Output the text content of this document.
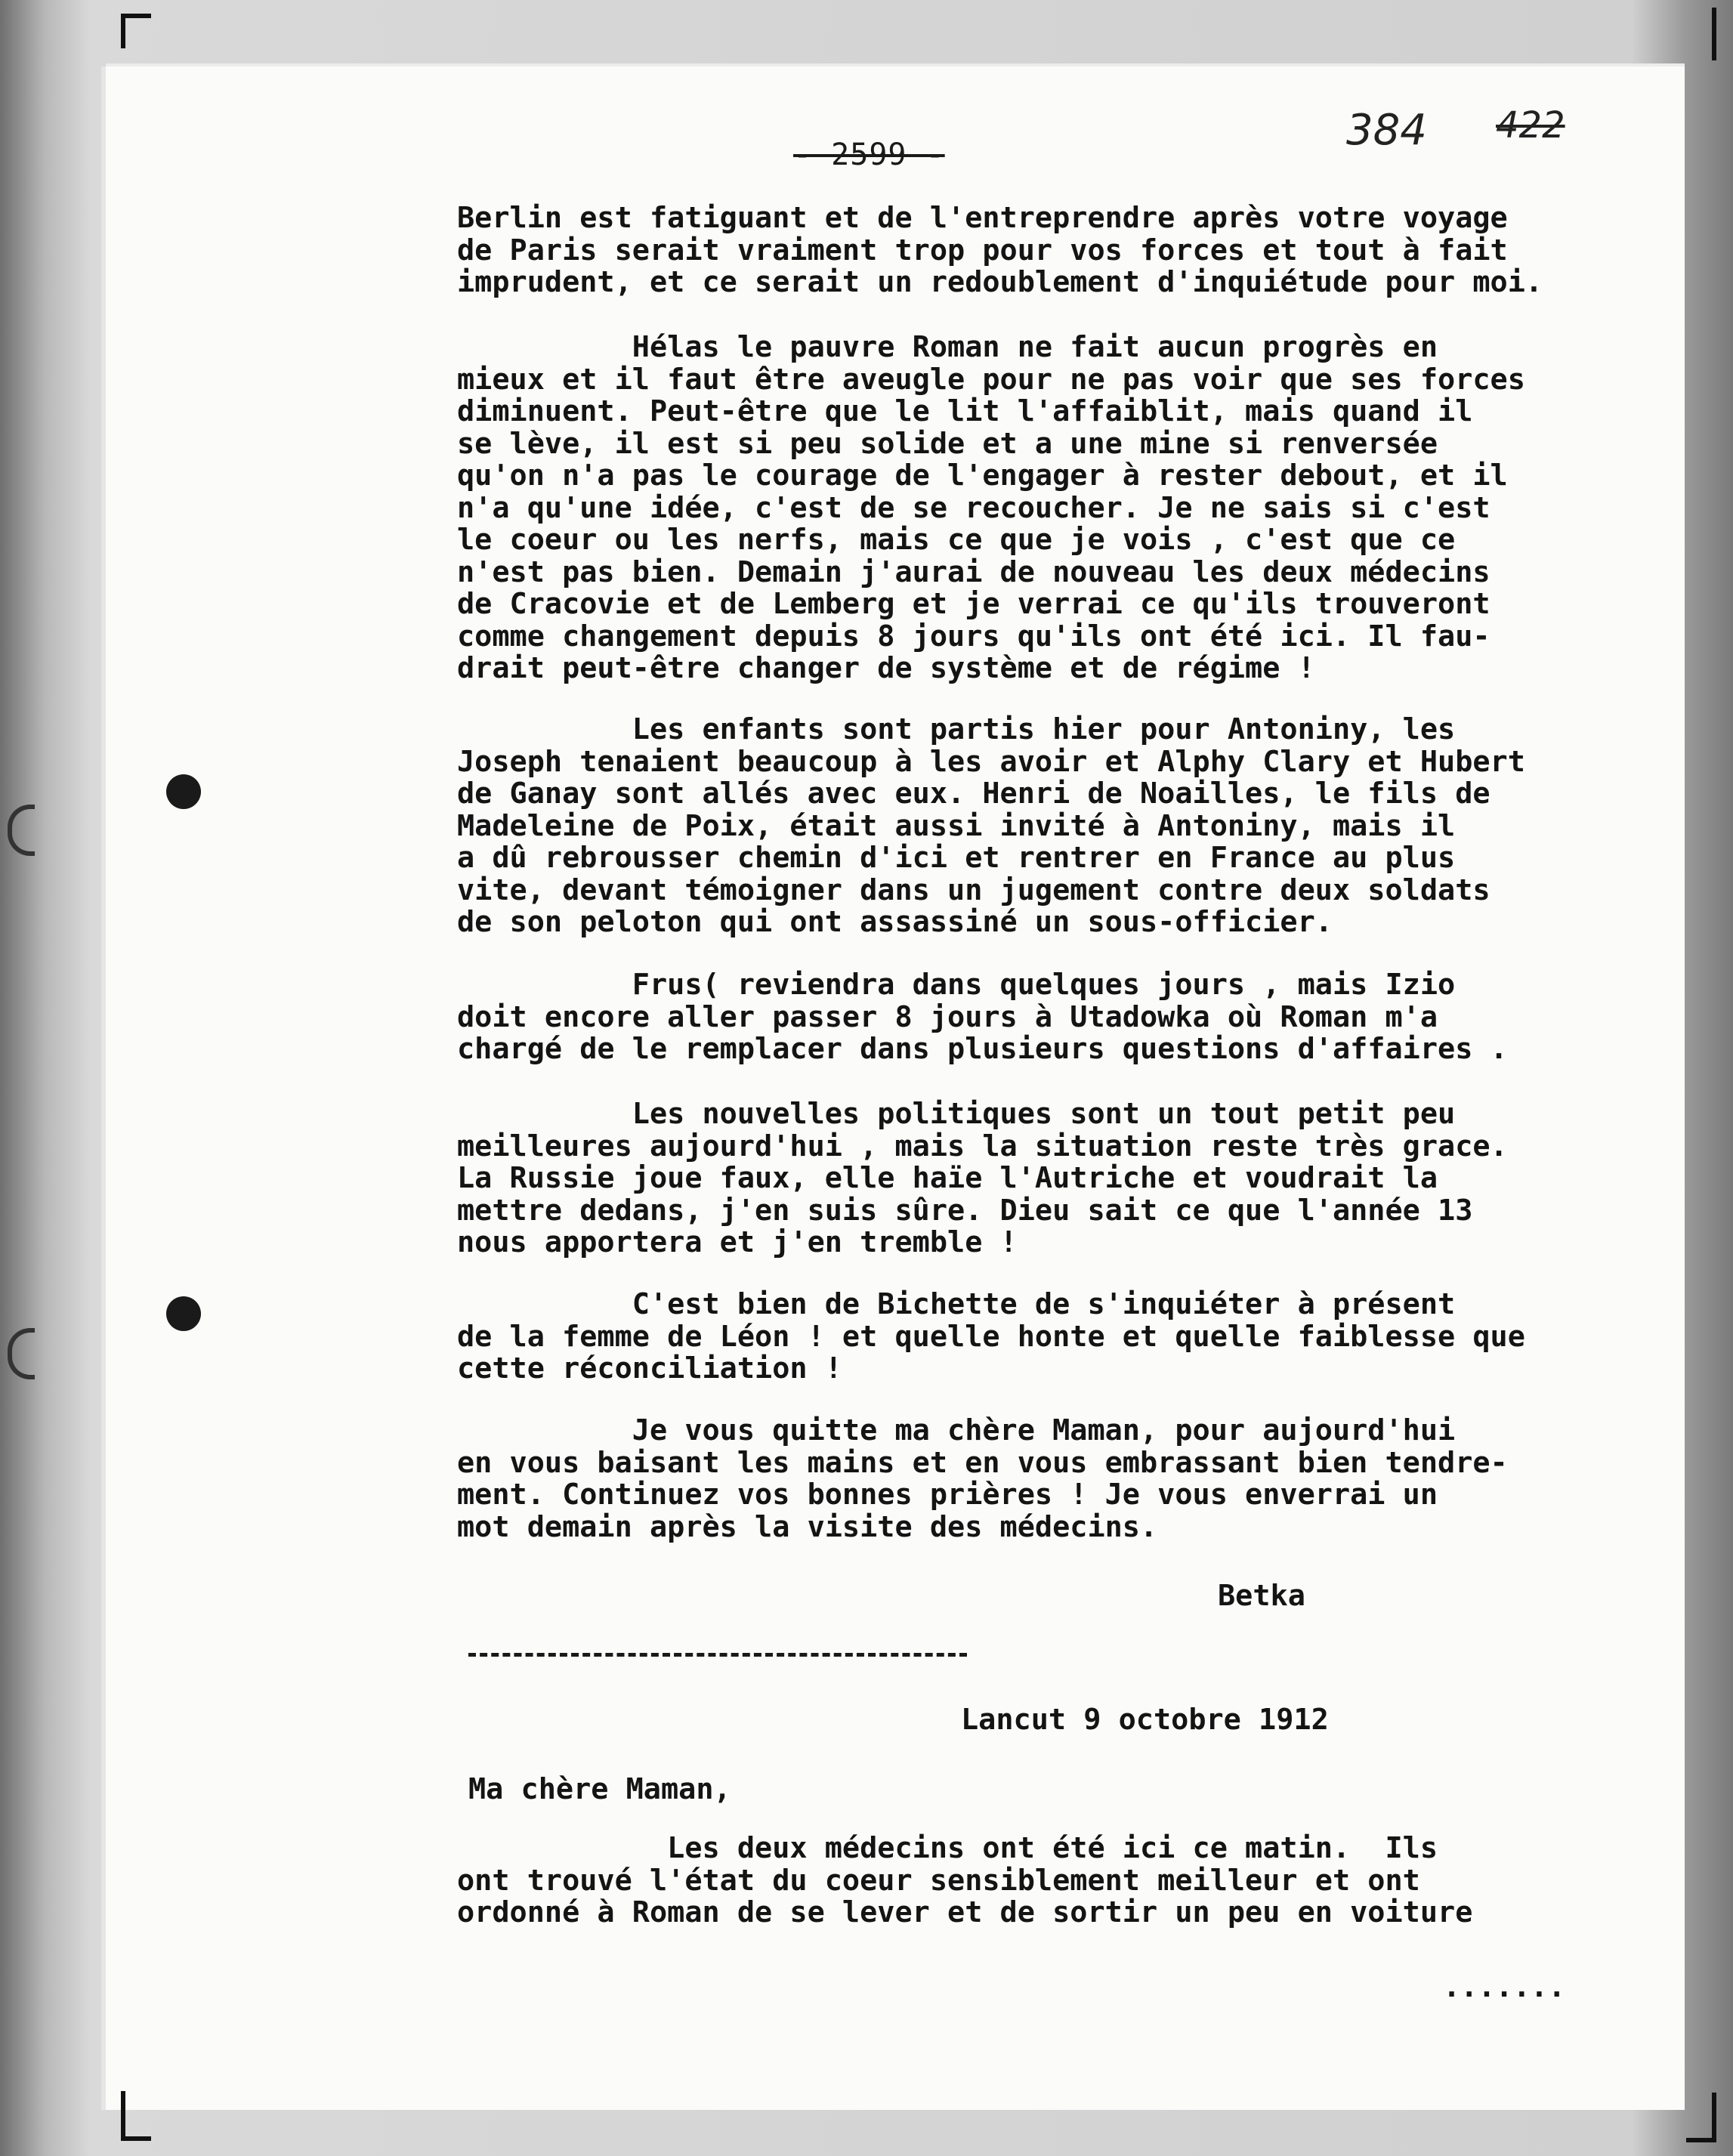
- 2599 -	384 422

Berlin est fatiguant et de l'entreprendre après votre voyage
de Paris serait vraiment trop pour vos forces et tout à fait
imprudent, et ce serait un redoublement d'inquiétude pour moi.

Hélas le pauvre Roman ne fait aucun progrès en
mieux et il faut être aveugle pour ne pas voir que ses forces
diminuent. Peut-être que le lit l'affaiblit, mais quand il
se lève, il est si peu solide et a une mine si renversée
qu'on n'a pas le courage de l'engager à rester debout, et il
n'a qu'une idée, c'est de se recoucher. Je ne sais si c'est
le coeur ou les nerfs, mais ce que je vois , c'est que ce
n'est pas bien. Demain j'aurai de nouveau les deux médecins
de Cracovie et de Lemberg et je verrai ce qu'ils trouveront
comme changement depuis 8 jours qu'ils ont été ici. Il fau-
drait peut-être changer de système et de régime !

Les enfants sont partis hier pour Antoniny, les
Joseph tenaient beaucoup à les avoir et Alphy Clary et Hubert
de Ganay sont allés avec eux. Henri de Noailles, le fils de
Madeleine de Poix, était aussi invité à Antoniny, mais il
a dû rebrousser chemin d'ici et rentrer en France au plus
vite, devant témoigner dans un jugement contre deux soldats
de son peloton qui ont assassiné un sous-officier.

Frus( reviendra dans quelques jours , mais Izio
doit encore aller passer 8 jours à Utadowka où Roman m'a
chargé de le remplacer dans plusieurs questions d'affaires .

Les nouvelles politiques sont un tout petit peu
meilleures aujourd'hui , mais la situation reste très grace.
La Russie joue faux, elle haïe l'Autriche et voudrait la
mettre dedans, j'en suis sûre. Dieu sait ce que l'année 13
nous apportera et j'en tremble !

C'est bien de Bichette de s'inquiéter à présent
de la femme de Léon ! et quelle honte et quelle faiblesse que
cette réconciliation !

Je vous quitte ma chère Maman, pour aujourd'hui
en vous baisant les mains et en vous embrassant bien tendre-
ment. Continuez vos bonnes prières ! Je vous enverrai un
mot demain après la visite des médecins.

Betka
Lancut 9 octobre 1912
Ma chère Maman,

Les deux médecins ont été ici ce matin.  Ils
ont trouvé l'état du coeur sensiblement meilleur et ont
ordonné à Roman de se lever et de sortir un peu en voiture

.......
